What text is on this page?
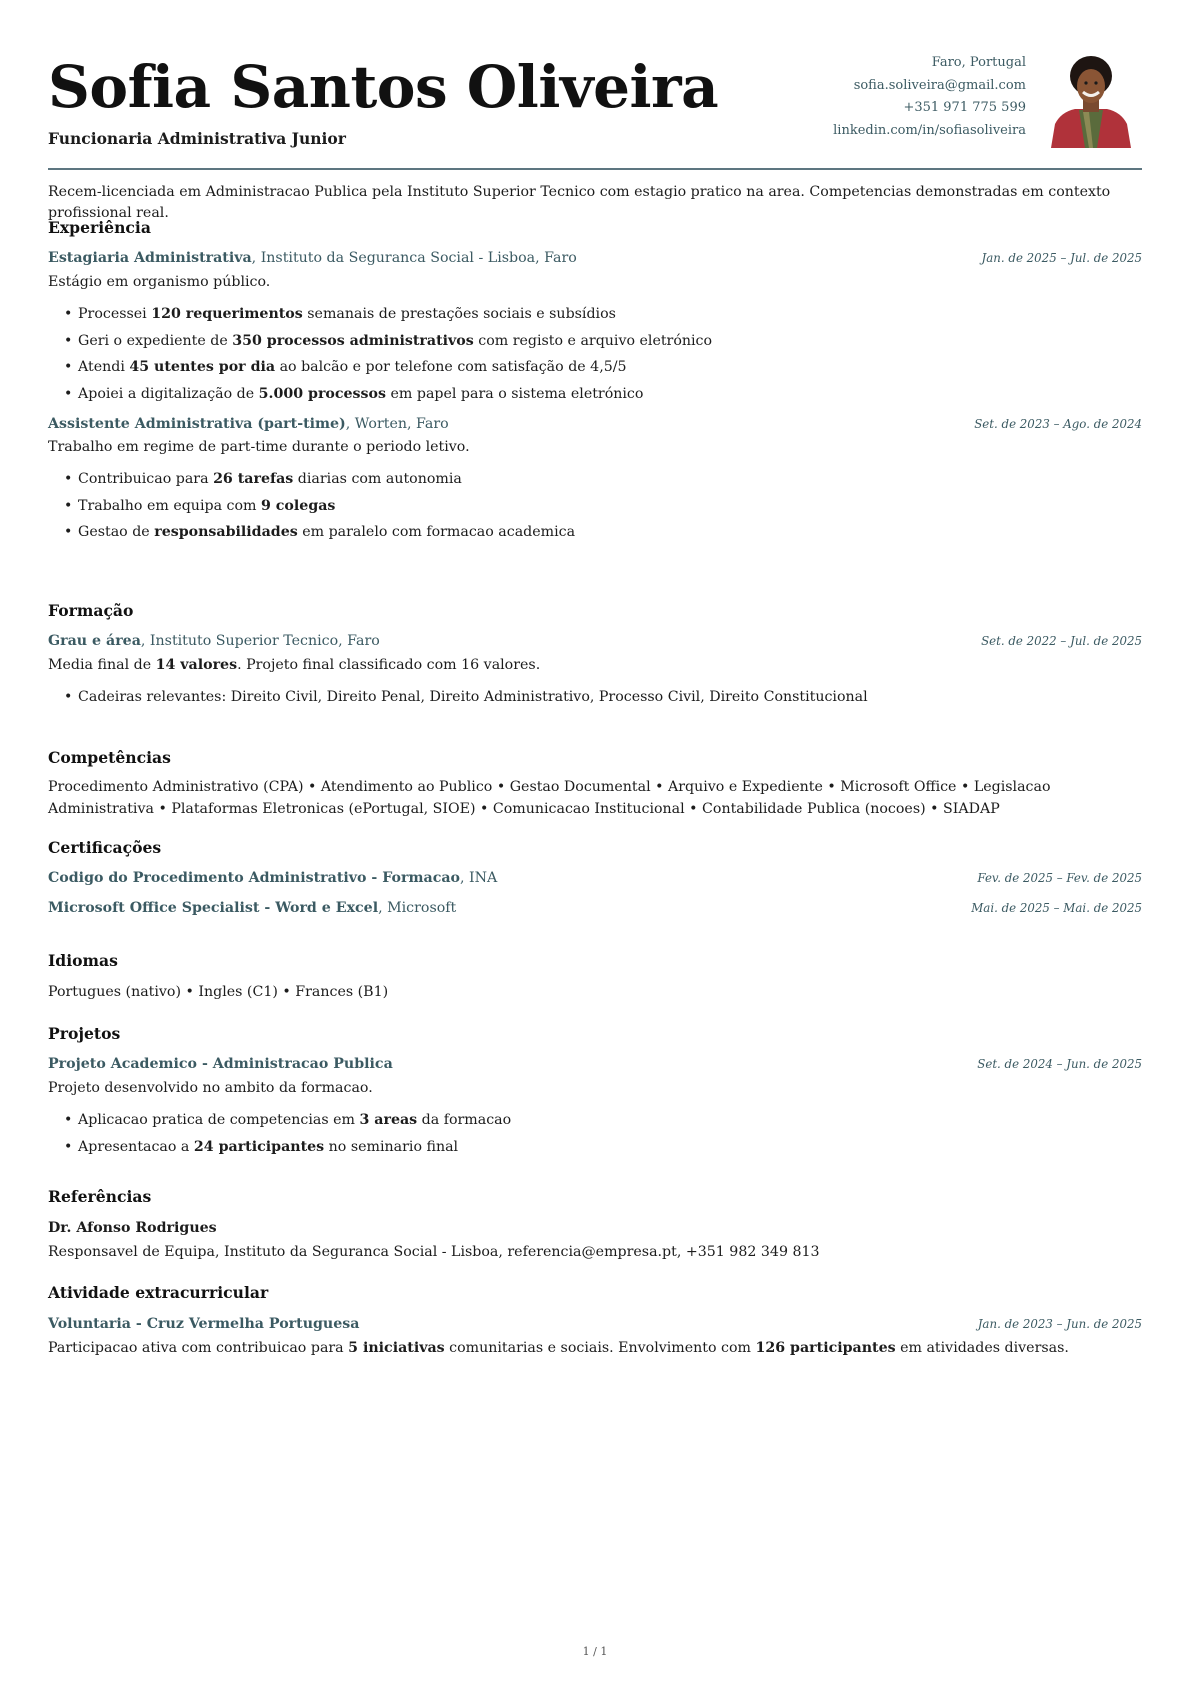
Sofia Santos Oliveira
Funcionaria Administrativa Junior
Faro, Portugal
sofia.soliveira@gmail.com
+351 971 775 599
linkedin.com/in/sofiasoliveira
Recem-licenciada em Administracao Publica pela Instituto Superior Tecnico com estagio pratico na area. Competencias demonstradas em contexto profissional real.
Experiência
Estagiaria Administrativa, Instituto da Seguranca Social - Lisboa, Faro	Jan. de 2025 – Jul. de 2025
Estágio em organismo público.
• Processei 120 requerimentos semanais de prestações sociais e subsídios
• Geri o expediente de 350 processos administrativos com registo e arquivo eletrónico
• Atendi 45 utentes por dia ao balcão e por telefone com satisfação de 4,5/5
• Apoiei a digitalização de 5.000 processos em papel para o sistema eletrónico
Assistente Administrativa (part-time), Worten, Faro	Set. de 2023 – Ago. de 2024
Trabalho em regime de part-time durante o periodo letivo.
• Contribuicao para 26 tarefas diarias com autonomia
• Trabalho em equipa com 9 colegas
• Gestao de responsabilidades em paralelo com formacao academica
Formação
Grau e área, Instituto Superior Tecnico, Faro	Set. de 2022 – Jul. de 2025
Media final de 14 valores. Projeto final classificado com 16 valores.
• Cadeiras relevantes: Direito Civil, Direito Penal, Direito Administrativo, Processo Civil, Direito Constitucional
Competências
Procedimento Administrativo (CPA) • Atendimento ao Publico • Gestao Documental • Arquivo e Expediente • Microsoft Office • Legislacao Administrativa • Plataformas Eletronicas (ePortugal, SIOE) • Comunicacao Institucional • Contabilidade Publica (nocoes) • SIADAP
Certificações
Codigo do Procedimento Administrativo - Formacao, INA	Fev. de 2025 – Fev. de 2025
Microsoft Office Specialist - Word e Excel, Microsoft	Mai. de 2025 – Mai. de 2025
Idiomas
Portugues (nativo) • Ingles (C1) • Frances (B1)
Projetos
Projeto Academico - Administracao Publica	Set. de 2024 – Jun. de 2025
Projeto desenvolvido no ambito da formacao.
• Aplicacao pratica de competencias em 3 areas da formacao
• Apresentacao a 24 participantes no seminario final
Referências
Dr. Afonso Rodrigues
Responsavel de Equipa, Instituto da Seguranca Social - Lisboa, referencia@empresa.pt, +351 982 349 813
Atividade extracurricular
Voluntaria - Cruz Vermelha Portuguesa	Jan. de 2023 – Jun. de 2025
Participacao ativa com contribuicao para 5 iniciativas comunitarias e sociais. Envolvimento com 126 participantes em atividades diversas.
1 / 1
